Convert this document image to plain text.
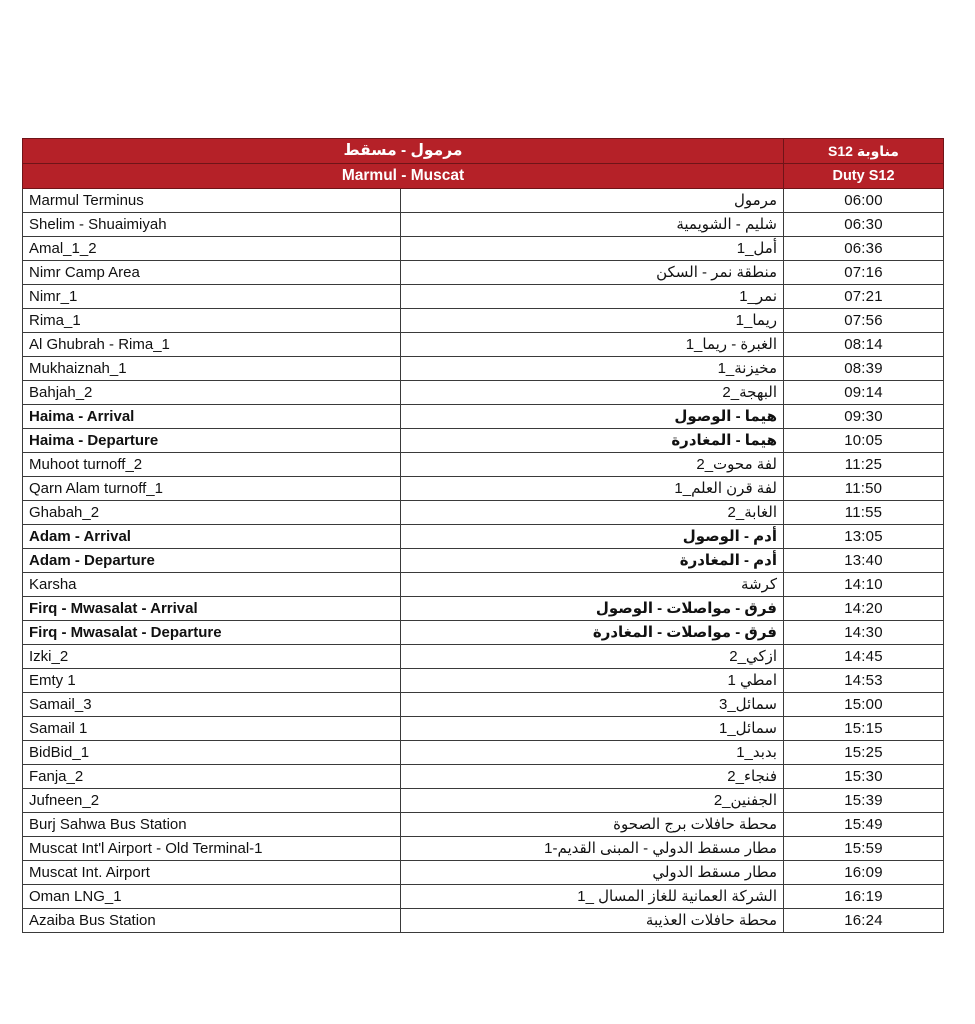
مرمول - مسقط		مناوبة S12
Marmul - Muscat		Duty S12
Marmul Terminus	مرمول	06:00
Shelim - Shuaimiyah	شليم - الشويمية	06:30
Amal_1_2	أمل_1	06:36
Nimr Camp Area	منطقة نمر - السكن	07:16
Nimr_1	نمر_1	07:21
Rima_1	ريما_1	07:56
Al Ghubrah - Rima_1	الغبرة - ريما_1	08:14
Mukhaiznah_1	مخيزنة_1	08:39
Bahjah_2	البهجة_2	09:14
Haima - Arrival	هيما - الوصول	09:30
Haima - Departure	هيما - المغادرة	10:05
Muhoot turnoff_2	لفة محوت_2	11:25
Qarn Alam turnoff_1	لفة قرن العلم_1	11:50
Ghabah_2	الغابة_2	11:55
Adam - Arrival	أدم - الوصول	13:05
Adam - Departure	أدم - المغادرة	13:40
Karsha	كرشة	14:10
Firq - Mwasalat - Arrival	فرق - مواصلات - الوصول	14:20
Firq - Mwasalat - Departure	فرق - مواصلات - المغادرة	14:30
Izki_2	ازكي_2	14:45
Emty 1	امطي 1	14:53
Samail_3	سمائل_3	15:00
Samail 1	سمائل_1	15:15
BidBid_1	بدبد_1	15:25
Fanja_2	فنجاء_2	15:30
Jufneen_2	الجفنين_2	15:39
Burj Sahwa Bus Station	محطة حافلات برج الصحوة	15:49
Muscat Int'l Airport - Old Terminal-1	مطار مسقط الدولي - المبنى القديم-1	15:59
Muscat Int. Airport	مطار مسقط الدولي	16:09
Oman LNG_1	الشركة العمانية للغاز المسال _1	16:19
Azaiba Bus Station	محطة حافلات العذيبة	16:24
